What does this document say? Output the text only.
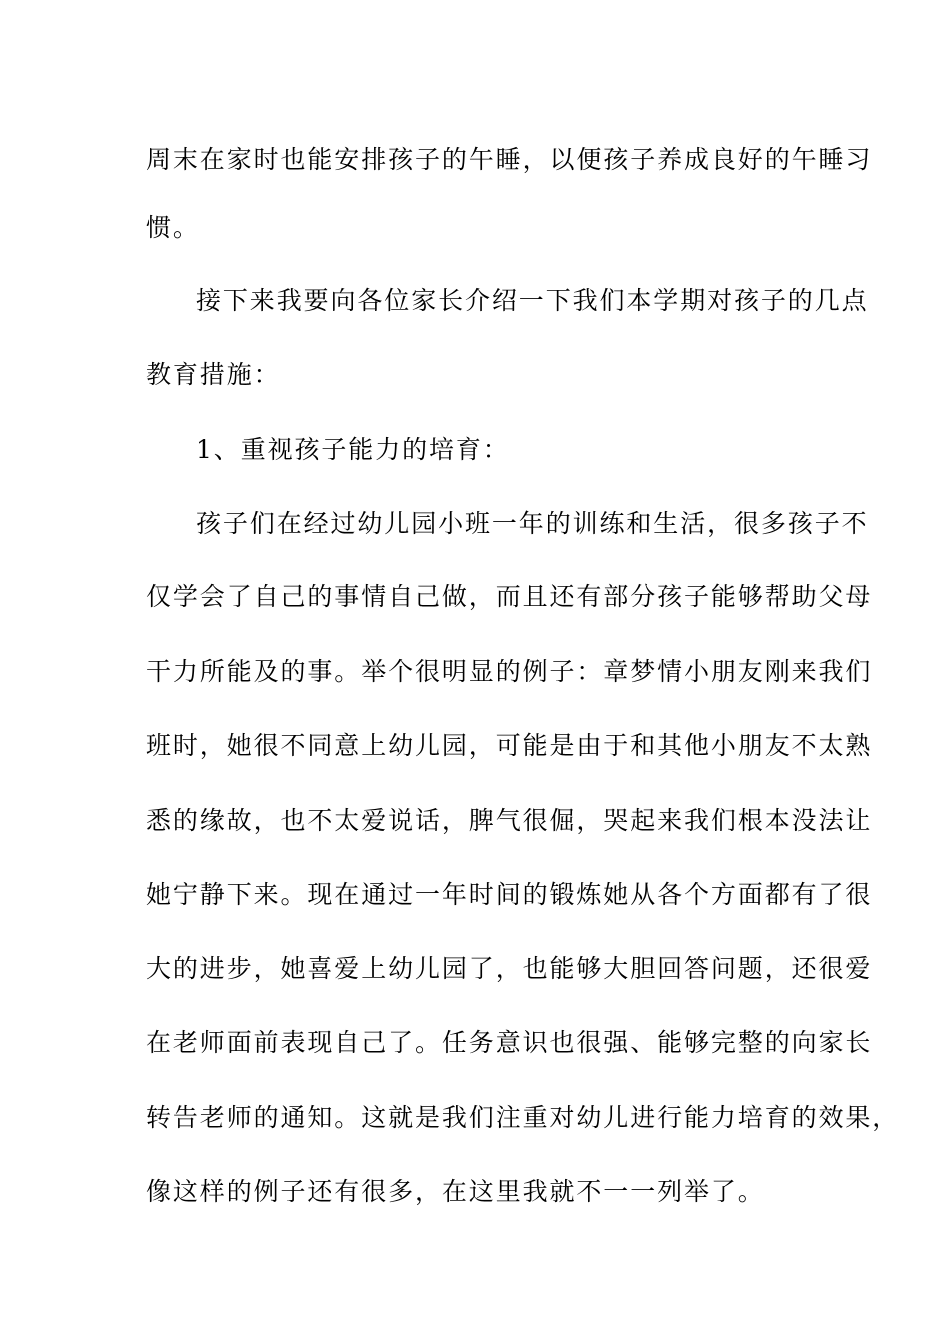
周末在家时也能安排孩子的午睡，以便孩子养成良好的午睡习
惯。
接下来我要向各位家长介绍一下我们本学期对孩子的几点
教育措施：
1、重视孩子能力的培育：
孩子们在经过幼儿园小班一年的训练和生活，很多孩子不
仅学会了自己的事情自己做，而且还有部分孩子能够帮助父母
干力所能及的事。举个很明显的例子：章梦情小朋友刚来我们
班时，她很不同意上幼儿园，可能是由于和其他小朋友不太熟
悉的缘故，也不太爱说话，脾气很倔，哭起来我们根本没法让
她宁静下来。现在通过一年时间的锻炼她从各个方面都有了很
大的进步，她喜爱上幼儿园了，也能够大胆回答问题，还很爱
在老师面前表现自己了。任务意识也很强、能够完整的向家长
转告老师的通知。这就是我们注重对幼儿进行能力培育的效果，
像这样的例子还有很多，在这里我就不一一列举了。
